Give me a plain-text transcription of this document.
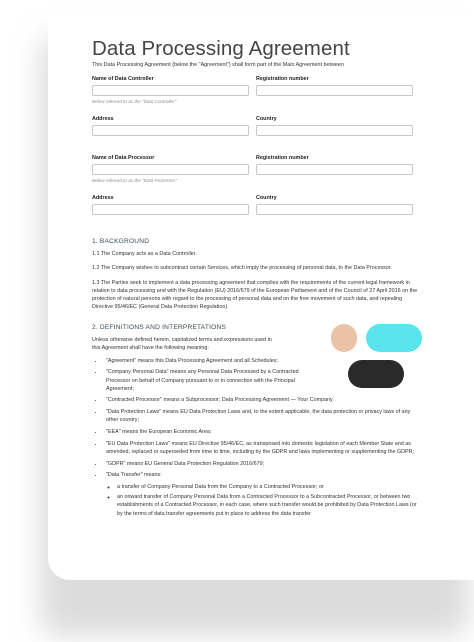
Data Processing Agreement
This Data Processing Agreement (below the "Agreement") shall form part of the Main Agreement between
Name of Data Controller
Below referred to as the "Data Controller"
Registration number
Address	Country
Name of Data Processor
Below referred to as the "Data Processor"
Registration number
Address	Country
1. BACKGROUND

1.1 The Company acts as a Data Controller.

1.2 The Company wishes to subcontract certain Services, which imply the processing of personal data, to the Data Processor.

1.3 The Parties seek to implement a data processing agreement that complies with the requirements of the current legal framework in relation to data processing and with the Regulation (EU) 2016/679 of the European Parliament and of the Council of 27 April 2016 on the protection of natural persons with regard to the processing of personal data and on the free movement of such data, and repealing Directive 95/46/EC (General Data Protection Regulation).

2. DEFINITIONS AND INTERPRETATIONS
Unless otherwise defined herein, capitalized terms and expressions used in this Agreement shall have the following meaning:
• "Agreement" means this Data Processing Agreement and all Schedules;
• "Company Personal Data" means any Personal Data Processed by a Contracted Processor on behalf of Company pursuant to or in connection with the Principal Agreement;
• "Contracted Processor" means a Subprocessor; Data Processing Agreement — Your Company
• "Data Protection Laws" means EU Data Protection Laws and, to the extent applicable, the data protection or privacy laws of any other country;
• "EEA" means the European Economic Area;
• "EU Data Protection Laws" means EU Directive 95/46/EC, as transposed into domestic legislation of each Member State and as amended, replaced or superseded from time to time, including by the GDPR and laws implementing or supplementing the GDPR;
• "GDPR" means EU General Data Protection Regulation 2016/679;
• "Data Transfer" means:
◦ a transfer of Company Personal Data from the Company to a Contracted Processor; or
◦ an onward transfer of Company Personal Data from a Contracted Processor to a Subcontracted Processor, or between two establishments of a Contracted Processor, in each case, where such transfer would be prohibited by Data Protection Laws (or by the terms of data transfer agreements put in place to address the data transfer
